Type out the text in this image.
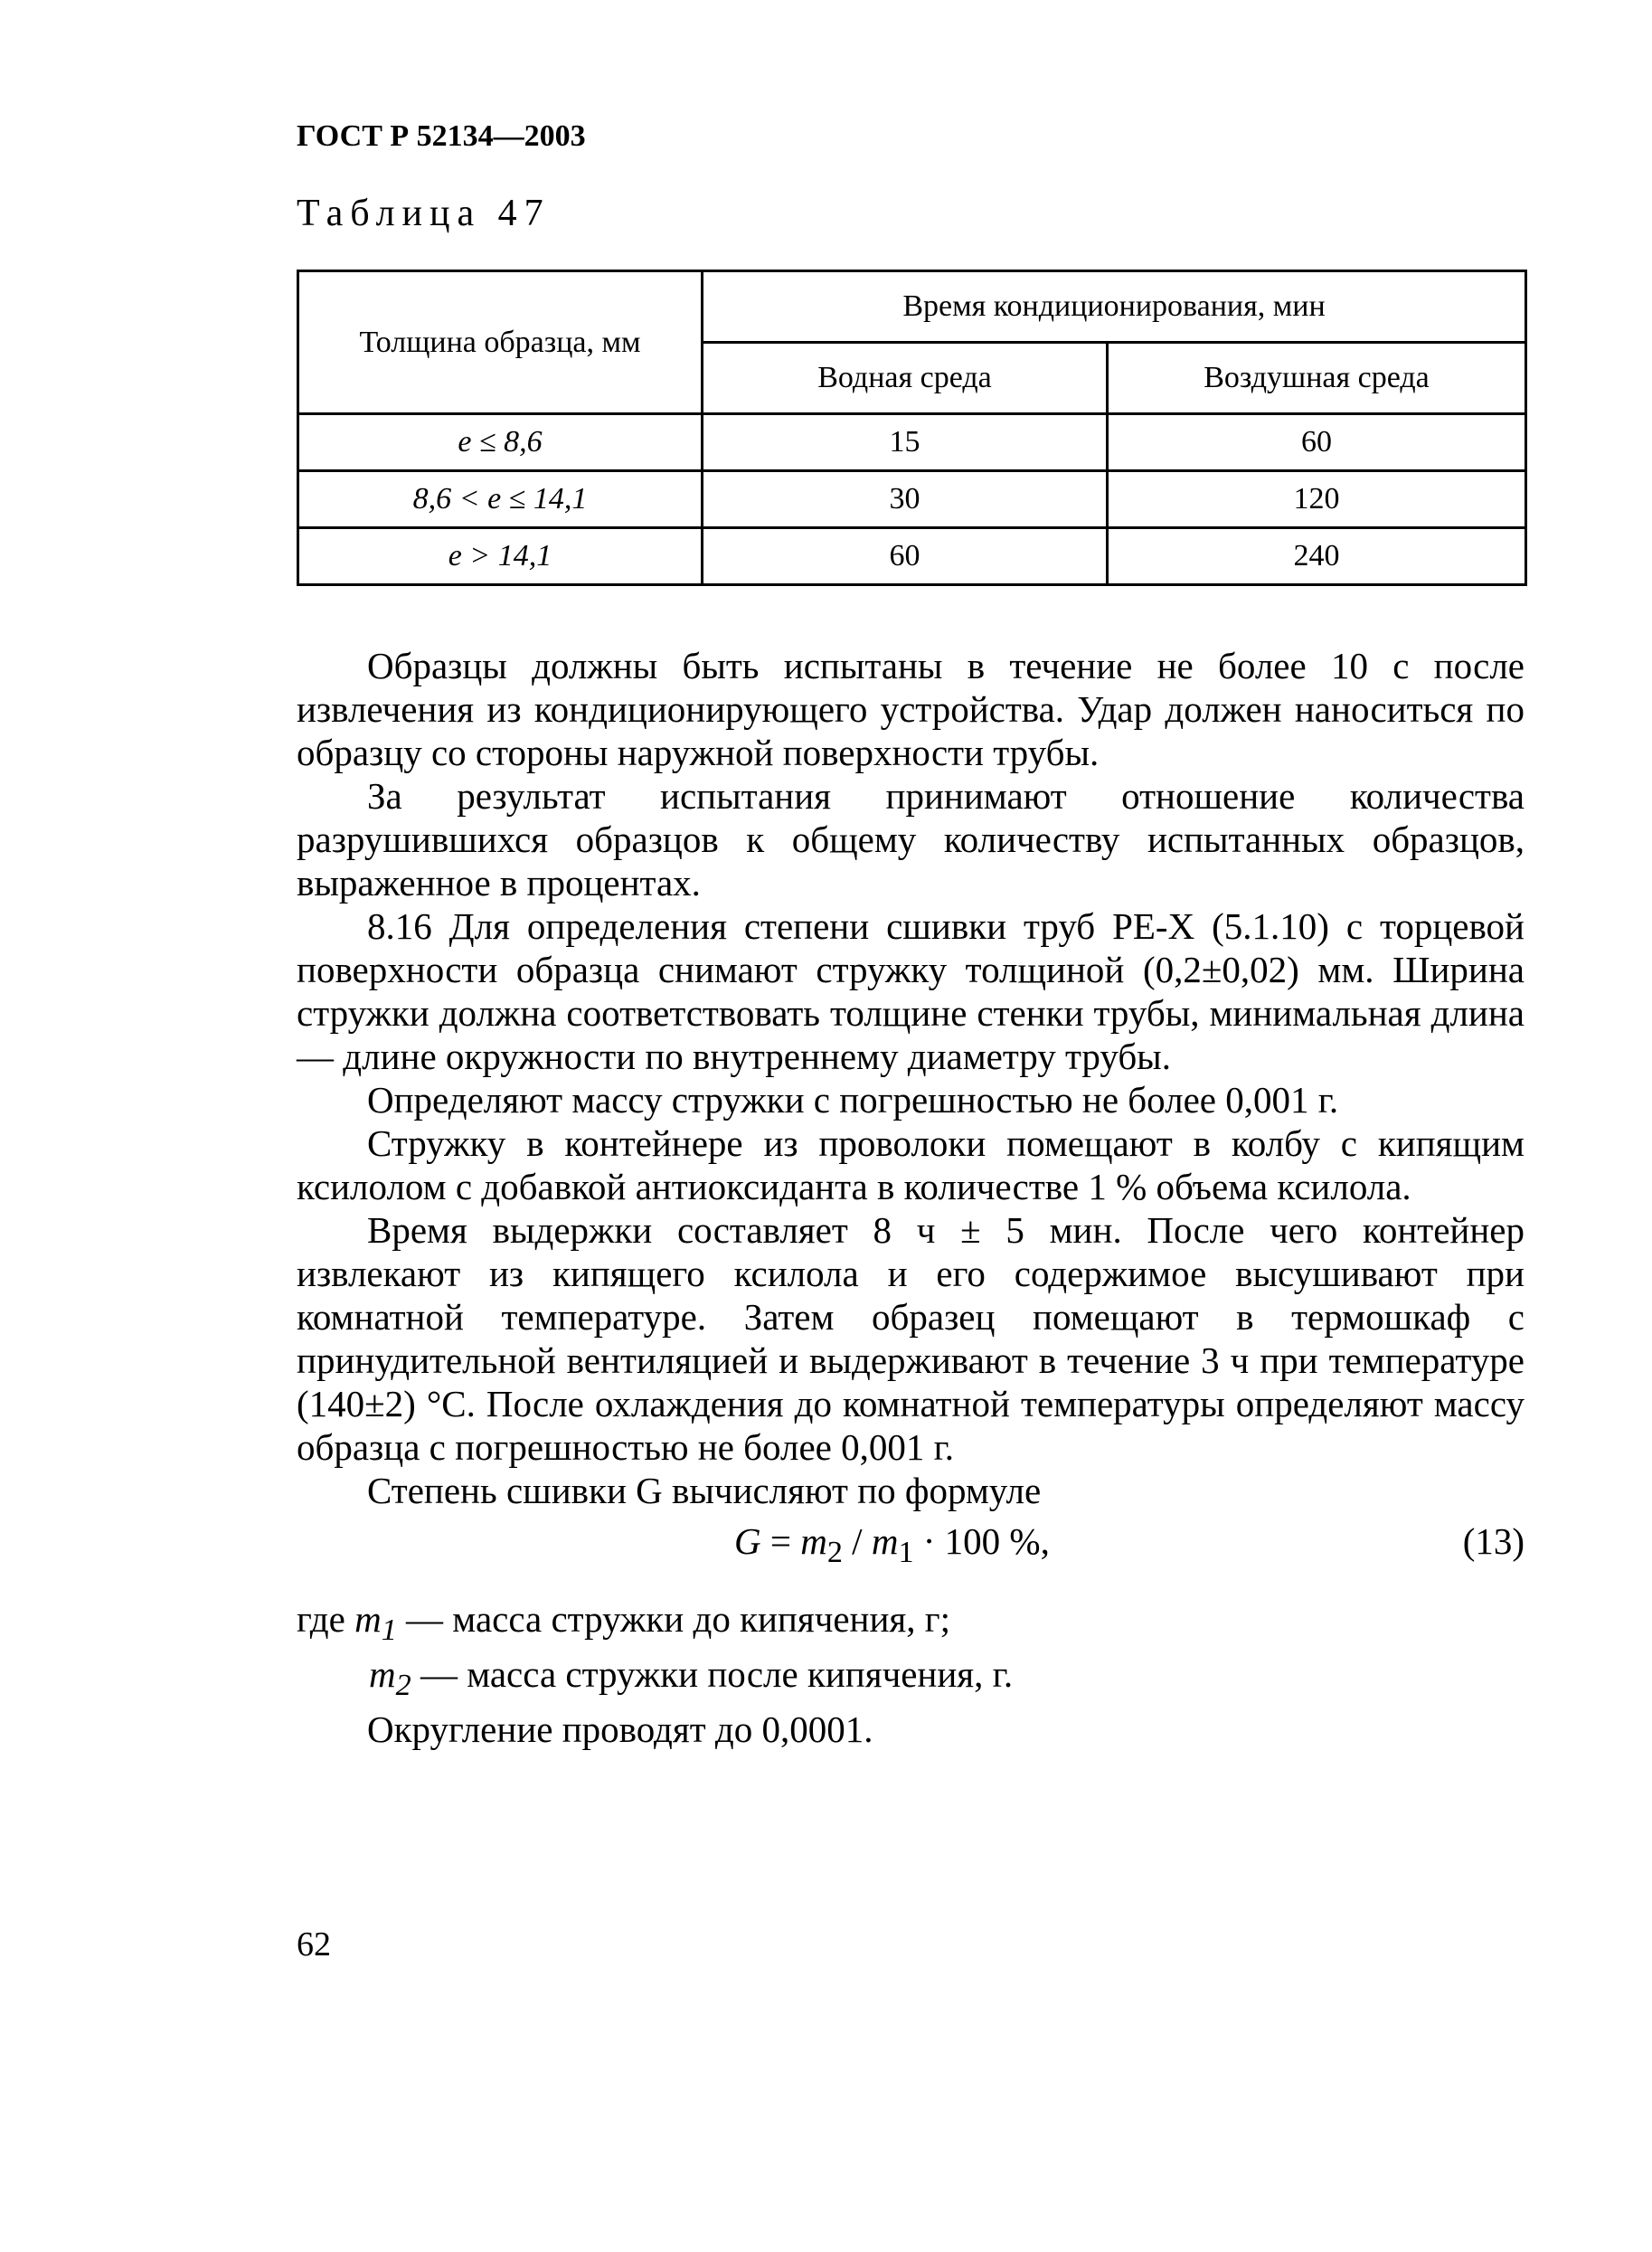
ГОСТ Р 52134—2003

Таблица 47

Толщина образца, мм	Время кондиционирования, мин	
	Водная среда	Воздушная среда
e ≤ 8,6	15	60
8,6 < e ≤ 14,1	30	120
e > 14,1	60	240

Образцы должны быть испытаны в течение не более 10 с после извлечения из кондиционирующего устройства. Удар должен наноситься по образцу со стороны наружной поверхности трубы.

За результат испытания принимают отношение количества разрушившихся образцов к общему количеству испытанных образцов, выраженное в процентах.

8.16 Для определения степени сшивки труб PE-X (5.1.10) с торцевой поверхности образца снимают стружку толщиной (0,2±0,02) мм. Ширина стружки должна соответствовать толщине стенки трубы, минимальная длина — длине окружности по внутреннему диаметру трубы.

Определяют массу стружки с погрешностью не более 0,001 г.

Стружку в контейнере из проволоки помещают в колбу с кипящим ксилолом с добавкой антиоксиданта в количестве 1 % объема ксилола.

Время выдержки составляет 8 ч ± 5 мин. После чего контейнер извлекают из кипящего ксилола и его содержимое высушивают при комнатной температуре. Затем образец помещают в термошкаф с принудительной вентиляцией и выдерживают в течение 3 ч при температуре (140±2) °С. После охлаждения до комнатной температуры определяют массу образца с погрешностью не более 0,001 г.

Степень сшивки G вычисляют по формуле

$G = m_2 / m_1 \cdot 100$ %,	(13)
где $m_1$ — масса стружки до кипячения, г;
$m_2$ — масса стружки после кипячения, г.

Округление проводят до 0,0001.

62
